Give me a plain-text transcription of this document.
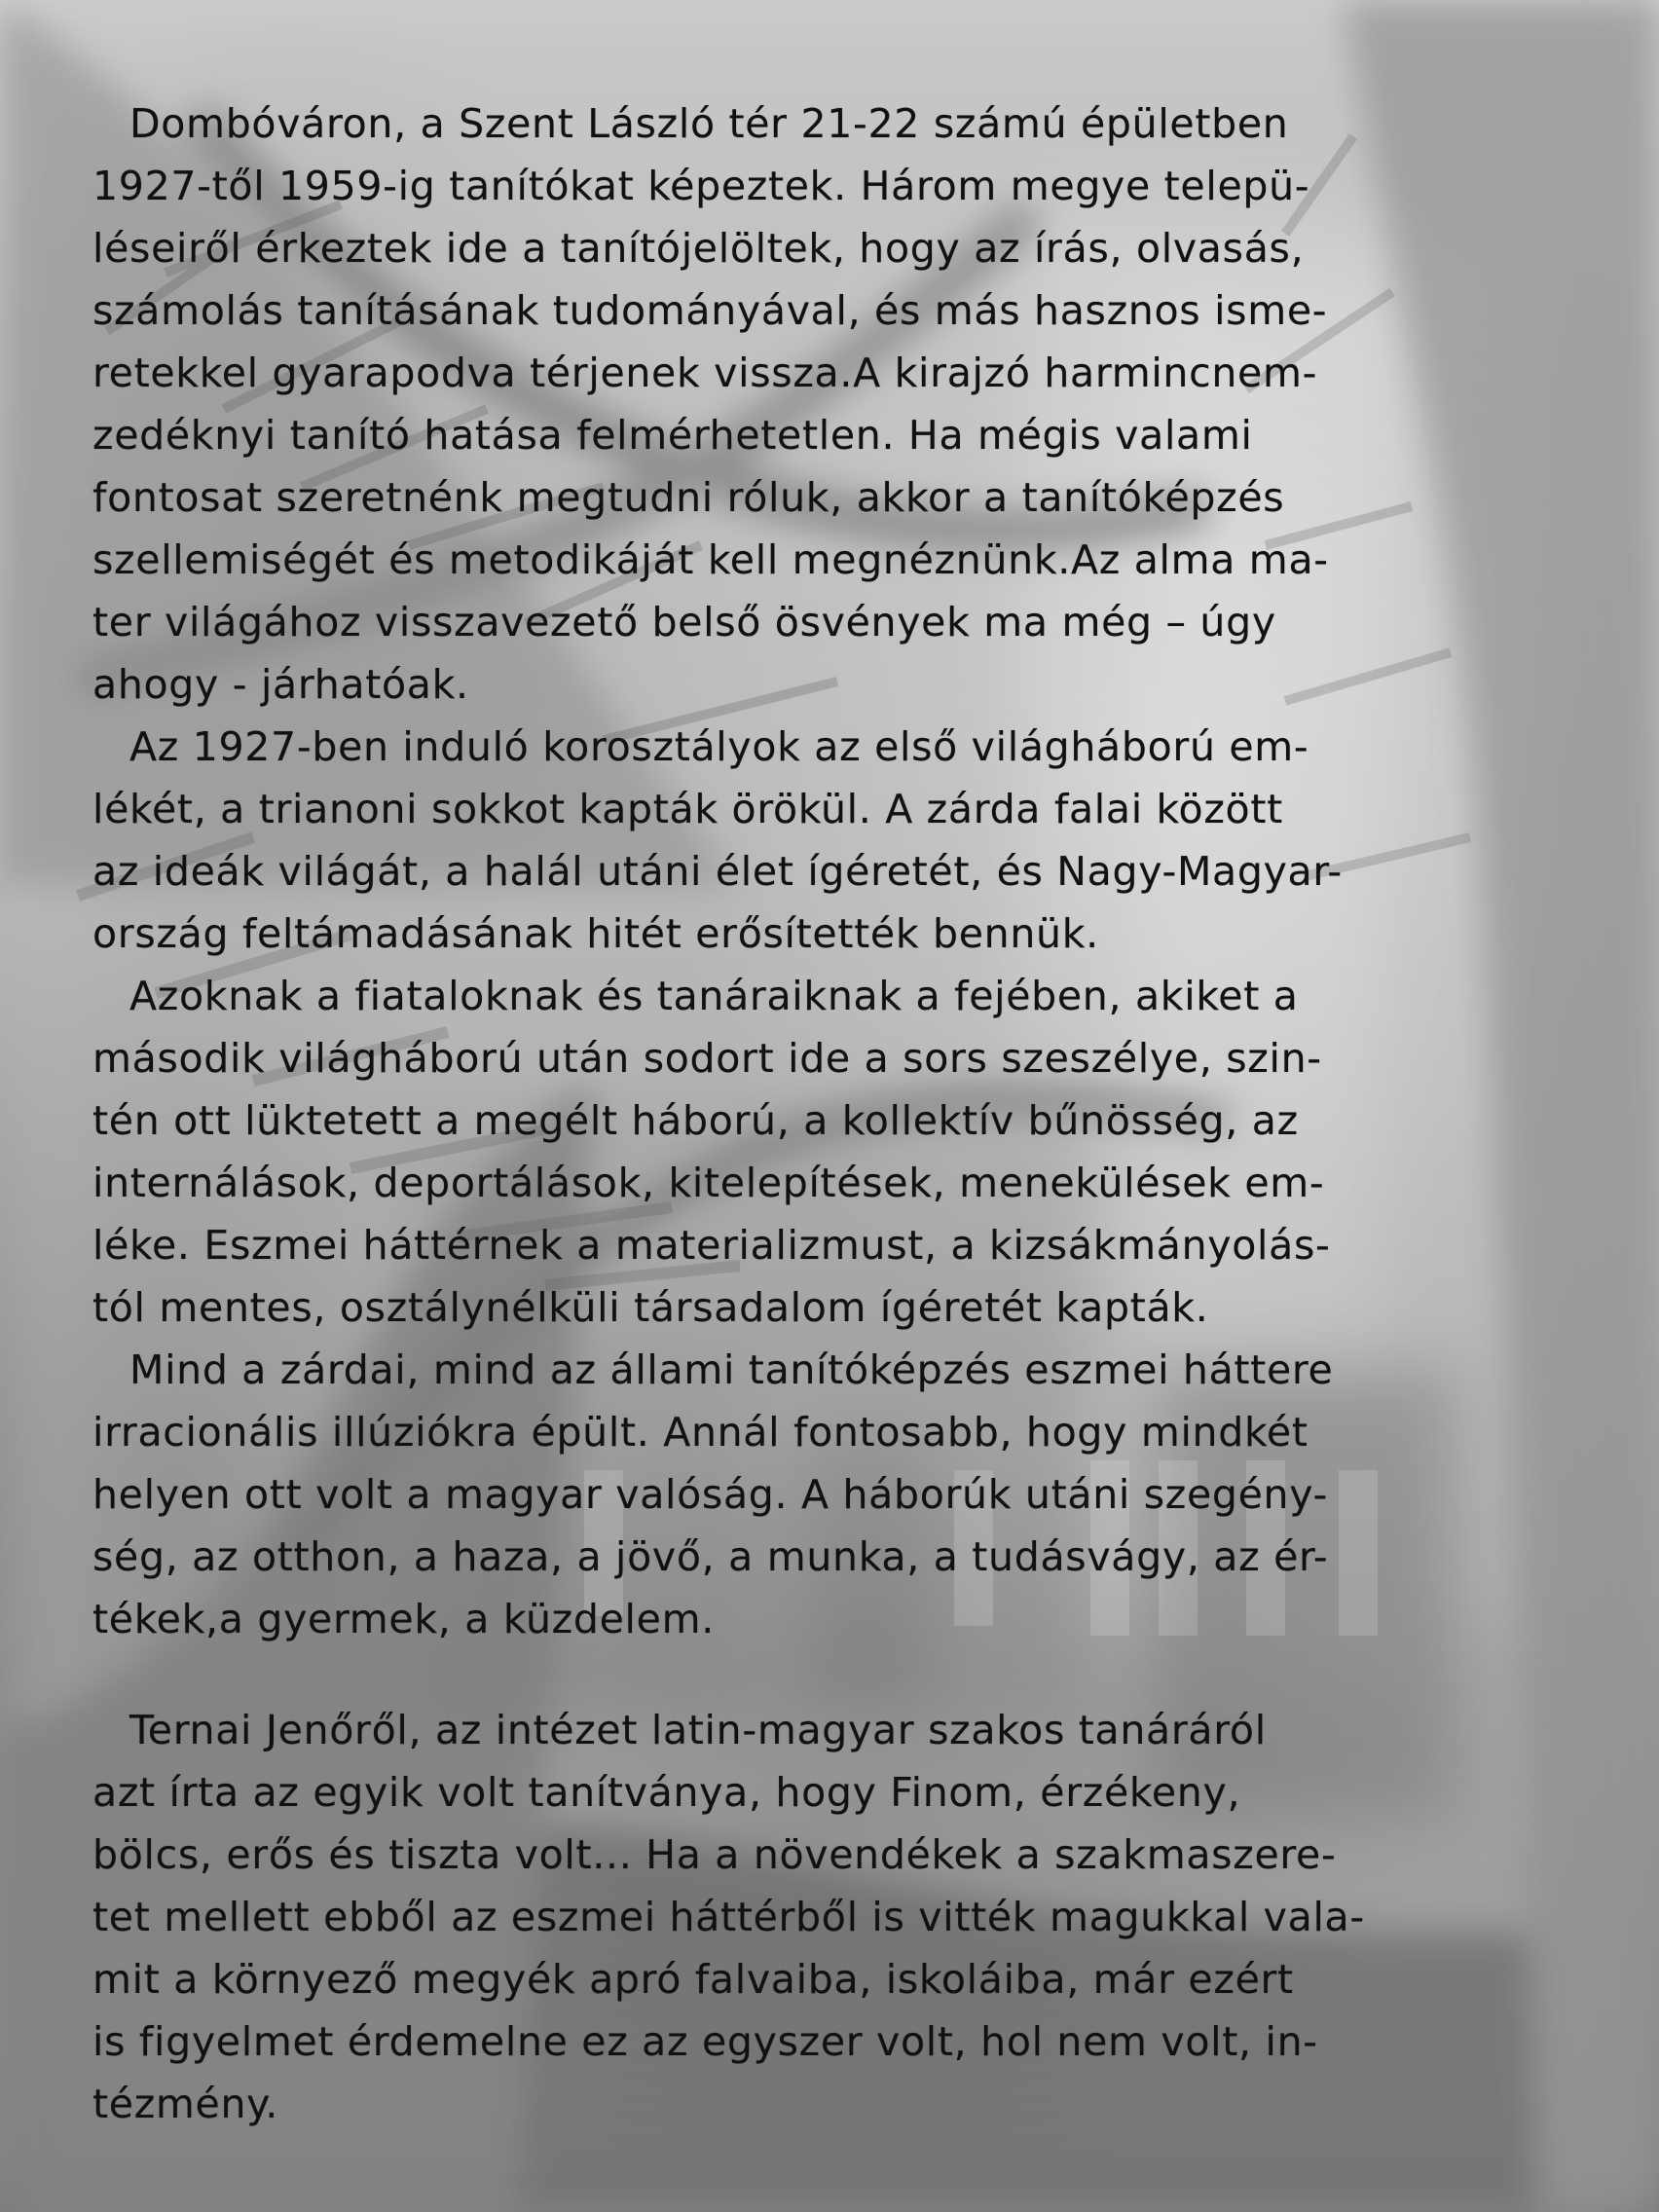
Dombóváron, a Szent László tér 21-22 számú épületben
1927-től 1959-ig tanítókat képeztek. Három megye telepü-
léseiről érkeztek ide a tanítójelöltek, hogy az írás, olvasás,
számolás tanításának tudományával, és más hasznos isme-
retekkel gyarapodva térjenek vissza.A kirajzó harmincnem-
zedéknyi tanító hatása felmérhetetlen. Ha mégis valami
fontosat szeretnénk megtudni róluk, akkor a tanítóképzés
szellemiségét és metodikáját kell megnéznünk.Az alma ma-
ter világához visszavezető belső ösvények ma még – úgy
ahogy - járhatóak.
Az 1927-ben induló korosztályok az első világháború em-
lékét, a trianoni sokkot kapták örökül. A zárda falai között
az ideák világát, a halál utáni élet ígéretét, és Nagy-Magyar-
ország feltámadásának hitét erősítették bennük.
Azoknak a fiataloknak és tanáraiknak a fejében, akiket a
második világháború után sodort ide a sors szeszélye, szin-
tén ott lüktetett a megélt háború, a kollektív bűnösség, az
internálások, deportálások, kitelepítések, menekülések em-
léke. Eszmei háttérnek a materializmust, a kizsákmányolás-
tól mentes, osztálynélküli társadalom ígéretét kapták.
Mind a zárdai, mind az állami tanítóképzés eszmei háttere
irracionális illúziókra épült. Annál fontosabb, hogy mindkét
helyen ott volt a magyar valóság. A háborúk utáni szegény-
ség, az otthon, a haza, a jövő, a munka, a tudásvágy, az ér-
tékek,a gyermek, a küzdelem.
Ternai Jenőről, az intézet latin-magyar szakos tanáráról
azt írta az egyik volt tanítványa, hogy Finom, érzékeny,
bölcs, erős és tiszta volt... Ha a növendékek a szakmaszere-
tet mellett ebből az eszmei háttérből is vitték magukkal vala-
mit a környező megyék apró falvaiba, iskoláiba, már ezért
is figyelmet érdemelne ez az egyszer volt, hol nem volt, in-
tézmény.
